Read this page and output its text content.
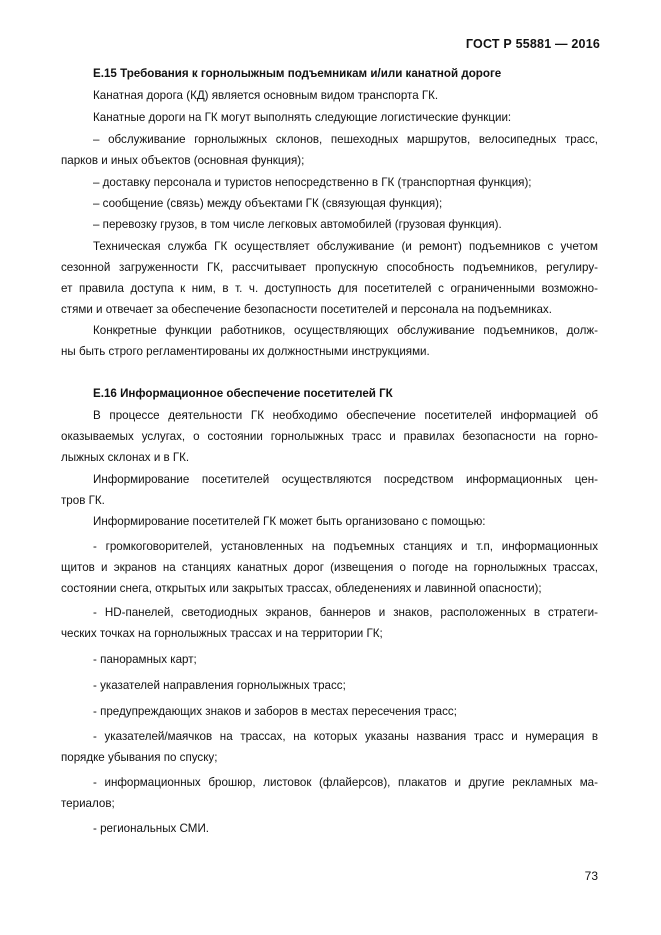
ГОСТ Р 55881 — 2016
Е.15 Требования к горнолыжным подъемникам и/или канатной дороге
Канатная дорога (КД) является основным видом транспорта ГК.
Канатные дороги на ГК могут выполнять следующие логистические функции:
– обслуживание горнолыжных склонов, пешеходных маршрутов, велосипедных трасс,
парков и иных объектов (основная функция);
– доставку персонала и туристов непосредственно в ГК (транспортная функция);
– сообщение (связь) между объектами ГК (связующая функция);
– перевозку грузов, в том числе легковых автомобилей (грузовая функция).
Техническая служба ГК осуществляет обслуживание (и ремонт) подъемников с учетом
сезонной загруженности ГК, рассчитывает пропускную способность подъемников, регулиру-
ет правила доступа к ним, в т. ч. доступность для посетителей с ограниченными возможно-
стями и отвечает за обеспечение безопасности посетителей и персонала на подъемниках.
Конкретные функции работников, осуществляющих обслуживание подъемников, долж-
ны быть строго регламентированы их должностными инструкциями.
Е.16 Информационное обеспечение посетителей ГК
В процессе деятельности ГК необходимо обеспечение посетителей информацией об
оказываемых услугах, о состоянии горнолыжных трасс и правилах безопасности на горно-
лыжных склонах и в ГК.
Информирование посетителей осуществляются посредством информационных цен-
тров ГК.
Информирование посетителей ГК может быть организовано с помощью:
- громкоговорителей, установленных на подъемных станциях и т.п, информационных
щитов и экранов на станциях канатных дорог (извещения о погоде на горнолыжных трассах,
состоянии снега, открытых или закрытых трассах, обледенениях и лавинной опасности);
- HD-панелей, светодиодных экранов, баннеров и знаков, расположенных в стратеги-
ческих точках на горнолыжных трассах и на территории ГК;
- панорамных карт;
- указателей направления горнолыжных трасс;
- предупреждающих знаков и заборов в местах пересечения трасс;
- указателей/маячков на трассах, на которых указаны названия трасс и нумерация в
порядке убывания по спуску;
- информационных брошюр, листовок (флайерсов), плакатов и другие рекламных ма-
териалов;
- региональных СМИ.
73
